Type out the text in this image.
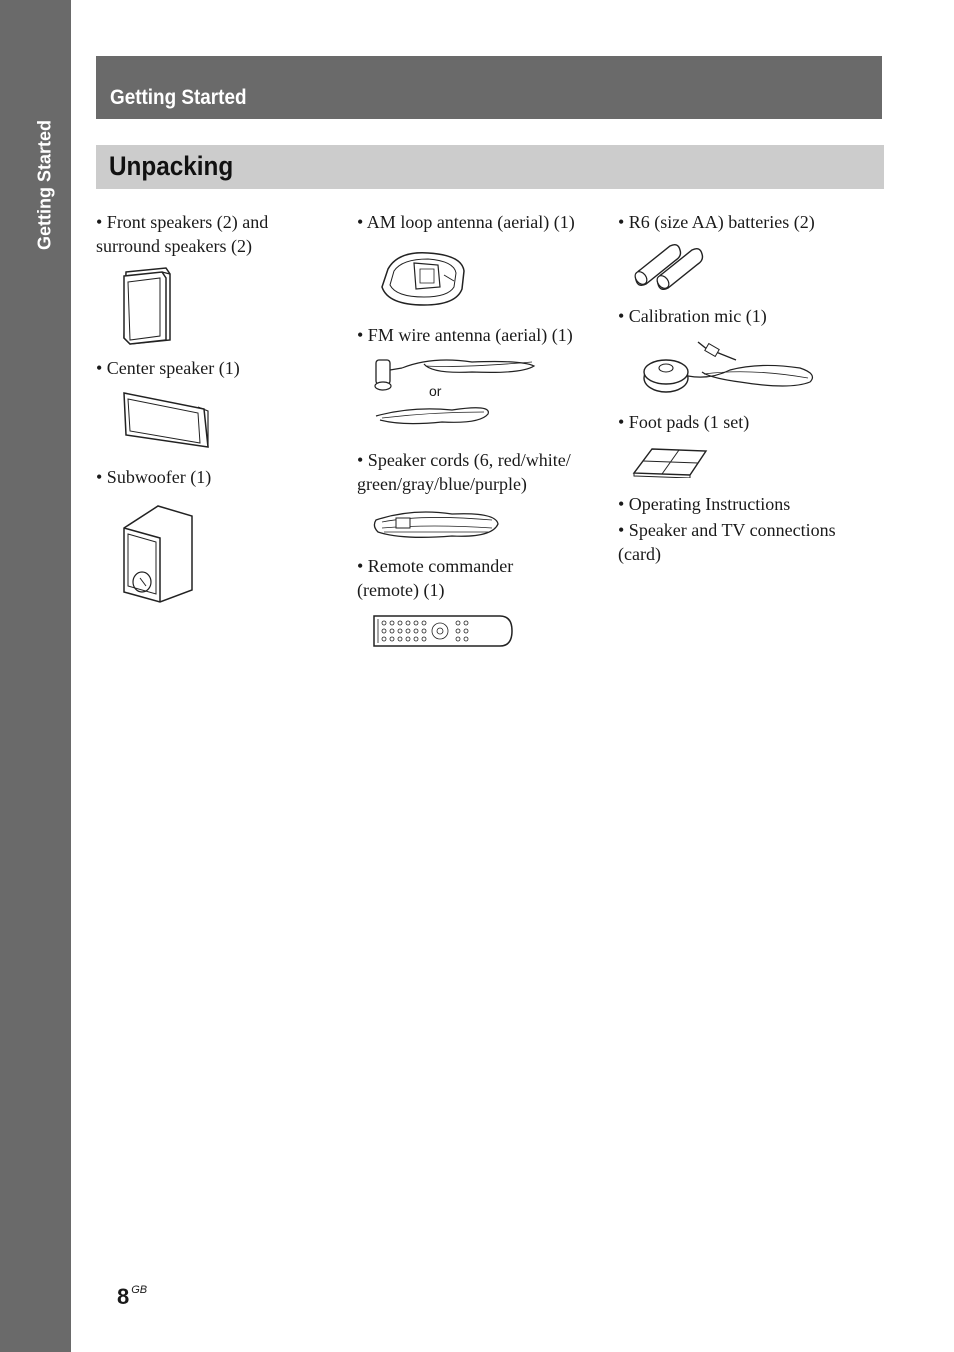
Getting Started
Getting Started
Unpacking
• Front speakers (2) and
surround speakers (2)
• Center speaker (1)
• Subwoofer (1)
• AM loop antenna (aerial) (1)
• FM wire antenna (aerial) (1)
or
• Speaker cords (6, red/white/
green/gray/blue/purple)
• Remote commander
(remote) (1)
• R6 (size AA) batteries (2)
• Calibration mic (1)
• Foot pads (1 set)
• Operating Instructions
• Speaker and TV connections
(card)
8 $^{GB}$
